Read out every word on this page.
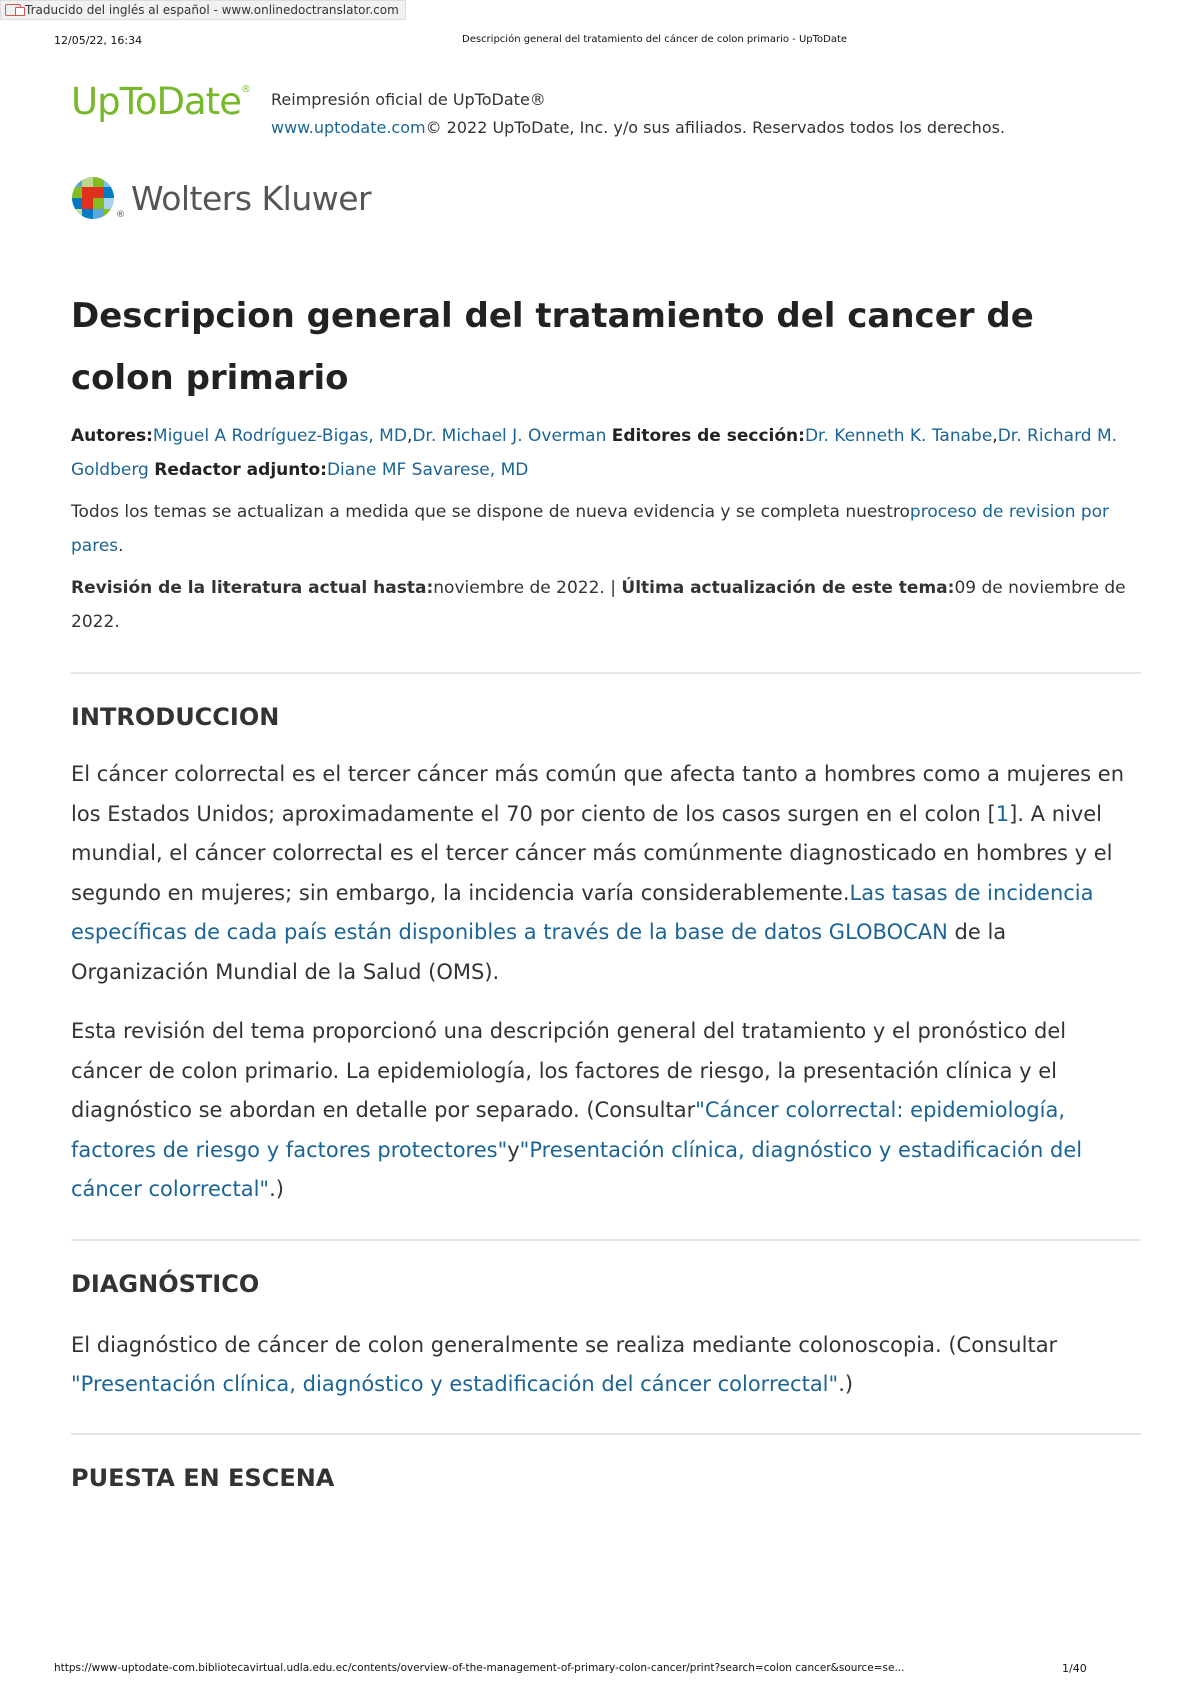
Traducido del inglés al español - www.onlinedoctranslator.com
12/05/22, 16:34	Descripción general del tratamiento del cáncer de colon primario - UpToDate
UpToDate®
Reimpresión oficial de UpToDate®
www.uptodate.com© 2022 UpToDate, Inc. y/o sus afiliados. Reservados todos los derechos.
® Wolters Kluwer
Descripcion general del tratamiento del cancer de colon primario
Autores:Miguel A Rodríguez-Bigas, MD,Dr. Michael J. Overman Editores de sección:Dr. Kenneth K. Tanabe,Dr. Richard M. Goldberg Redactor adjunto:Diane MF Savarese, MD
Todos los temas se actualizan a medida que se dispone de nueva evidencia y se completa nuestroproceso de revision por pares.
Revisión de la literatura actual hasta:noviembre de 2022. | Última actualización de este tema:09 de noviembre de 2022.
INTRODUCCION

El cáncer colorrectal es el tercer cáncer más común que afecta tanto a hombres como a mujeres en los Estados Unidos; aproximadamente el 70 por ciento de los casos surgen en el colon [1]. A nivel mundial, el cáncer colorrectal es el tercer cáncer más comúnmente diagnosticado en hombres y el segundo en mujeres; sin embargo, la incidencia varía considerablemente.Las tasas de incidencia específicas de cada país están disponibles a través de la base de datos GLOBOCAN de la Organización Mundial de la Salud (OMS).

Esta revisión del tema proporcionó una descripción general del tratamiento y el pronóstico del cáncer de colon primario. La epidemiología, los factores de riesgo, la presentación clínica y el diagnóstico se abordan en detalle por separado. (Consultar"Cáncer colorrectal: epidemiología, factores de riesgo y factores protectores"y"Presentación clínica, diagnóstico y estadificación del cáncer colorrectal".)

DIAGNÓSTICO

El diagnóstico de cáncer de colon generalmente se realiza mediante colonoscopia. (Consultar "Presentación clínica, diagnóstico y estadificación del cáncer colorrectal".)

PUESTA EN ESCENA
https://www-uptodate-com.bibliotecavirtual.udla.edu.ec/contents/overview-of-the-management-of-primary-colon-cancer/print?search=colon cancer&source=se...	1/40
